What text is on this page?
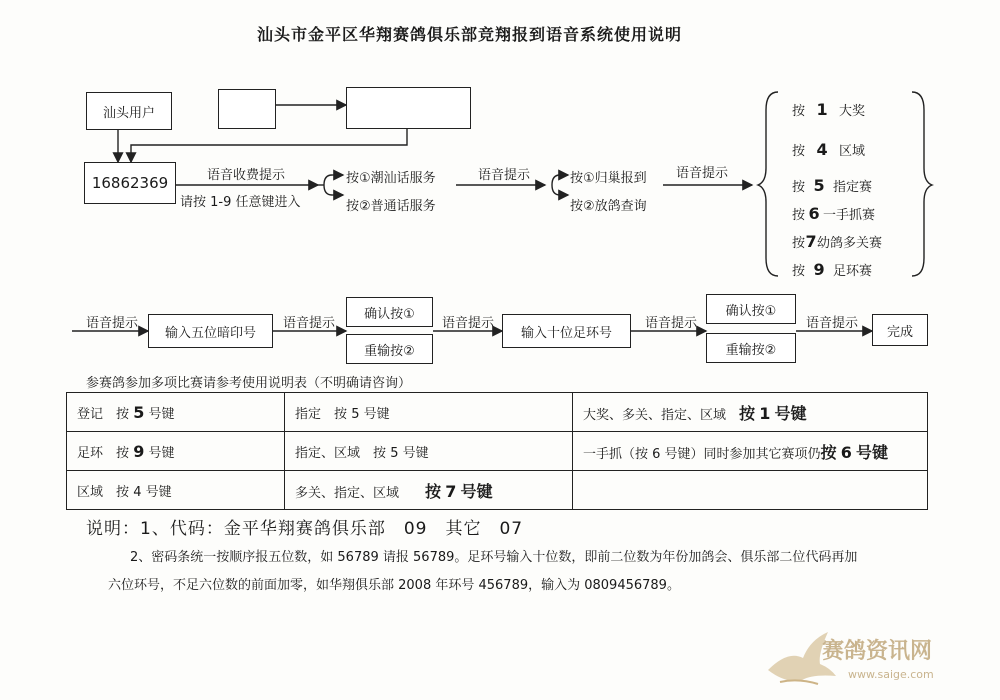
汕头市金平区华翔赛鸽俱乐部竞翔报到语音系统使用说明
汕头用户
16862369	语音收费提示
请按 1-9 任意键进入
按①潮汕话服务
按②普通话服务
语音提示	按①归巢报到
按②放鸽查询
语音提示
按 1 大奖
按 4 区域
按 5 指定赛
按 6 一手抓赛
按7幼鸽多关赛
按 9 足环赛
语音提示
输入五位暗印号
语音提示
确认按①
重输按②
语音提示
输入十位足环号
语音提示
确认按①
重输按②
语音提示
完成
参赛鸽参加多项比赛请参考使用说明表（不明确请咨询）
登记　 按 5 号键	指定　 按 5 号键	大奖、多关、指定、区域　 按 1 号键
足环　 按 9 号键	指定、区域　 按 5 号键	一手抓（按 6 号键）同时参加其它赛项仍按 6 号键
区域　 按 4 号键	多关、指定、区域　　 按 7 号键	
说明：1、代码：金平华翔赛鸽俱乐部　09　其它　07
2、密码条统一按顺序报五位数，如 56789 请报 56789。足环号输入十位数，即前二位数为年份加鸽会、俱乐部二位代码再加
六位环号，不足六位数的前面加零，如华翔俱乐部 2008 年环号 456789，输入为 0809456789。
赛鸽资讯网
www.saige.com
